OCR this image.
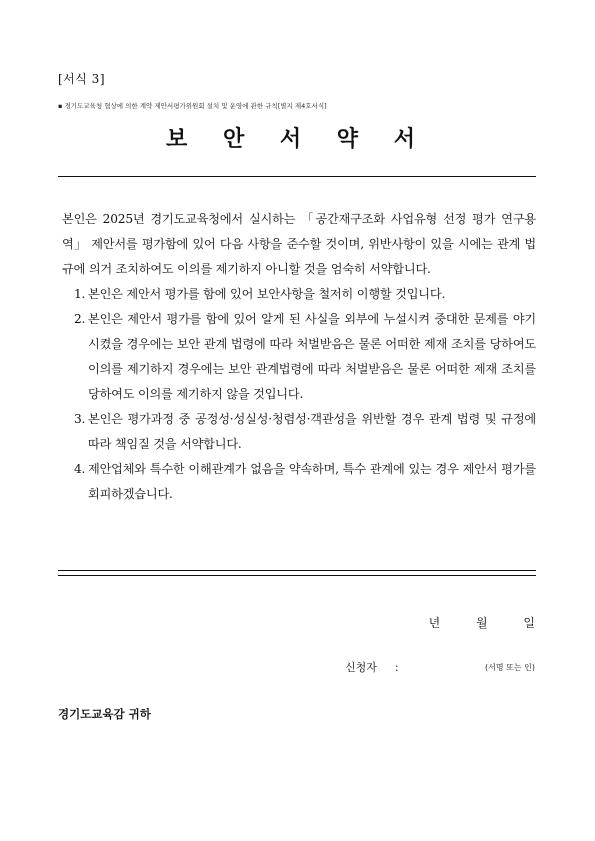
[서식 3]
▪ 경기도교육청 협상에 의한 계약 제안서평가위원회 설치 및 운영에 관한 규칙[별지 제4호서식]
보 안 서 약 서

본인은 2025년 경기도교육청에서 실시하는 「공간재구조화 사업유형 선정 평가 연구용역」 제안서를 평가함에 있어 다음 사항을 준수할 것이며, 위반사항이 있을 시에는 관계 법규에 의거 조치하여도 이의를 제기하지 아니할 것을 엄숙히 서약합니다.

1. 본인은 제안서 평가를 함에 있어 보안사항을 철저히 이행할 것입니다.
2. 본인은 제안서 평가를 함에 있어 알게 된 사실을 외부에 누설시켜 중대한 문제를 야기시켰을 경우에는 보안 관계 법령에 따라 처벌받음은 물론 어떠한 제재 조치를 당하여도 이의를 제기하지 경우에는 보안 관계법령에 따라 처벌받음은 물론 어떠한 제재 조치를 당하여도 이의를 제기하지 않을 것입니다.
3. 본인은 평가과정 중 공정성·성실성·청렴성·객관성을 위반할 경우 관계 법령 및 규정에 따라 책임질 것을 서약합니다.
4. 제안업체와 특수한 이해관계가 없음을 약속하며, 특수 관계에 있는 경우 제안서 평가를 회피하겠습니다.
년	월	일
신청자 :	(서명 또는 인)
경기도교육감 귀하
